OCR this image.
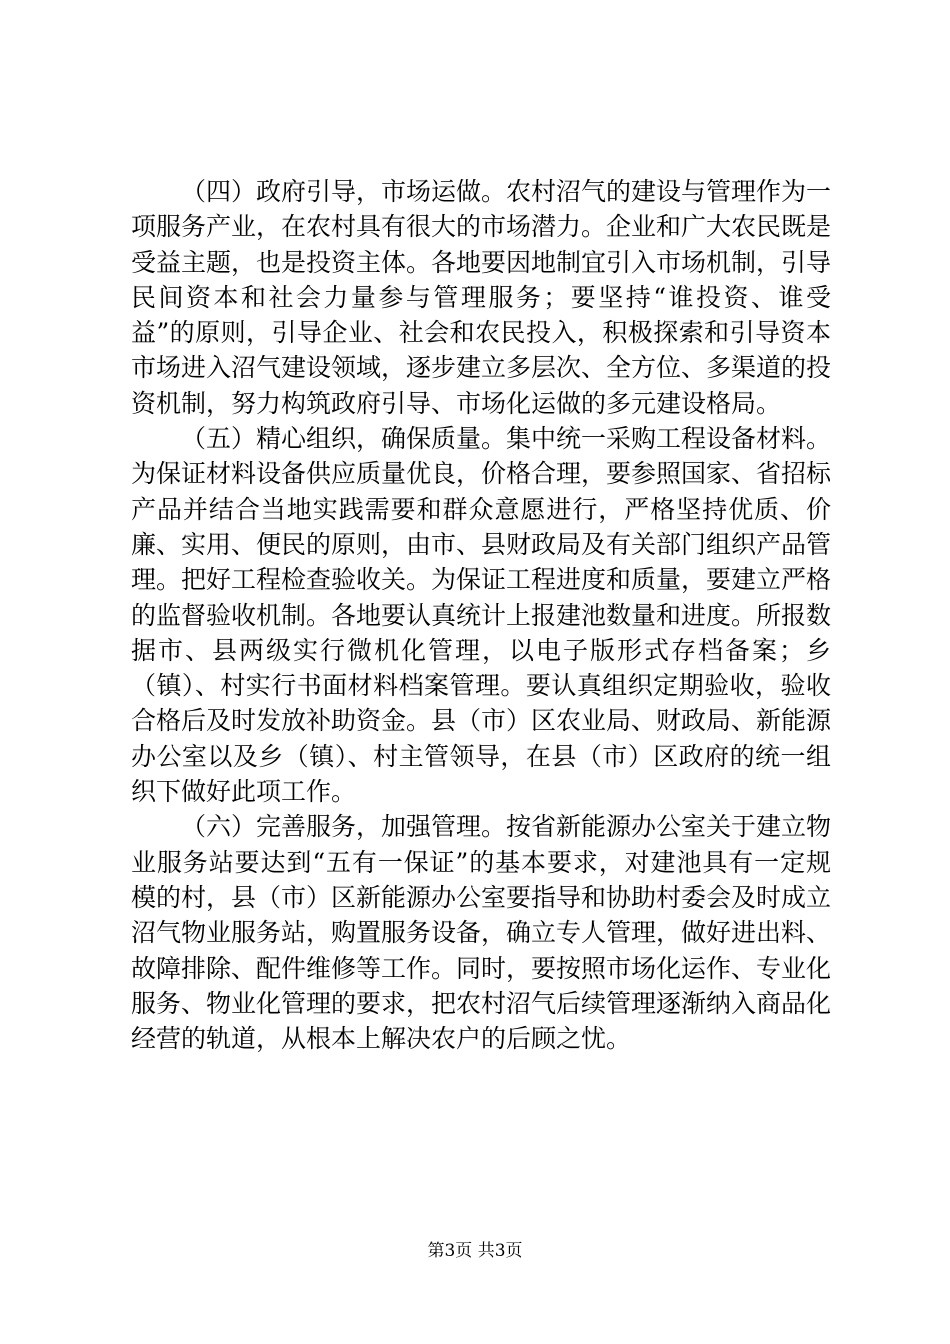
（四）政府引导，市场运做。农村沼气的建设与管理作为一项服务产业，在农村具有很大的市场潜力。企业和广大农民既是受益主题，也是投资主体。各地要因地制宜引入市场机制，引导民间资本和社会力量参与管理服务；要坚持“谁投资、谁受益”的原则，引导企业、社会和农民投入，积极探索和引导资本市场进入沼气建设领域，逐步建立多层次、全方位、多渠道的投资机制，努力构筑政府引导、市场化运做的多元建设格局。

（五）精心组织，确保质量。集中统一采购工程设备材料。为保证材料设备供应质量优良，价格合理，要参照国家、省招标产品并结合当地实践需要和群众意愿进行，严格坚持优质、价廉、实用、便民的原则，由市、县财政局及有关部门组织产品管理。把好工程检查验收关。为保证工程进度和质量，要建立严格的监督验收机制。各地要认真统计上报建池数量和进度。所报数据市、县两级实行微机化管理，以电子版形式存档备案；乡（镇）、村实行书面材料档案管理。要认真组织定期验收，验收合格后及时发放补助资金。县（市）区农业局、财政局、新能源办公室以及乡（镇）、村主管领导，在县（市）区政府的统一组织下做好此项工作。

（六）完善服务，加强管理。按省新能源办公室关于建立物业服务站要达到“五有一保证”的基本要求，对建池具有一定规模的村，县（市）区新能源办公室要指导和协助村委会及时成立沼气物业服务站，购置服务设备，确立专人管理，做好进出料、故障排除、配件维修等工作。同时，要按照市场化运作、专业化服务、物业化管理的要求，把农村沼气后续管理逐渐纳入商品化经营的轨道，从根本上解决农户的后顾之忧。

第3页 共3页
